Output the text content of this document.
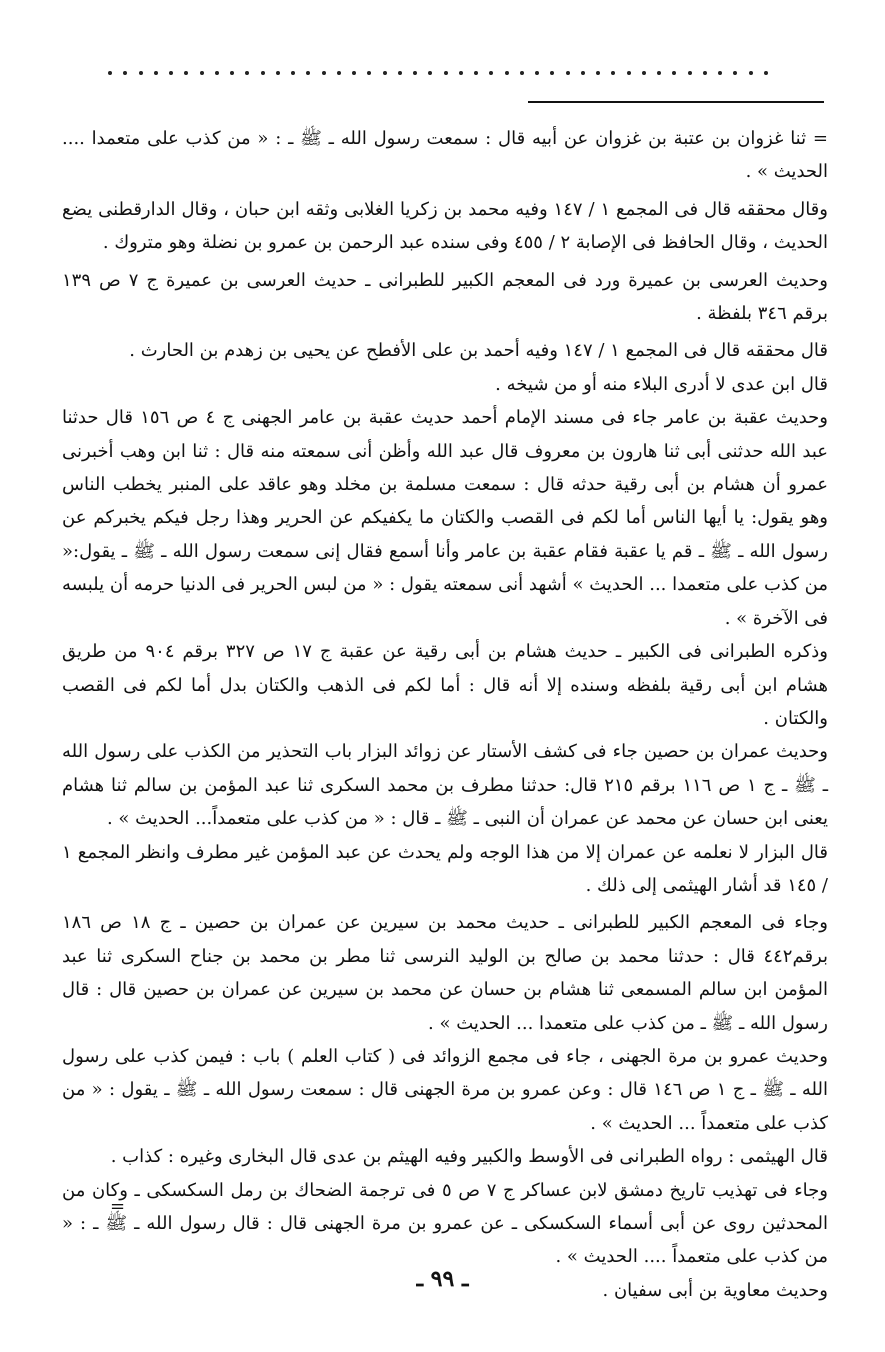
= ثنا غزوان بن عتبة بن غزوان عن أبيه قال : سمعت رسول الله ـ ﷺ ـ : « من كذب على متعمدا .... الحديث » .

وقال محققه قال فى المجمع ١ / ١٤٧ وفيه محمد بن زكريا الغلابى وثقه ابن حبان ، وقال الدارقطنى يضع الحديث ، وقال الحافظ فى الإصابة ٢ / ٤٥٥ وفى سنده عبد الرحمن بن عمرو بن نضلة وهو متروك .

وحديث العرسى بن عميرة ورد فى المعجم الكبير للطبرانى ـ حديث العرسى بن عميرة ج ٧ ص ١٣٩ برقم ٣٤٦ بلفظة .

قال محققه قال فى المجمع ١ / ١٤٧ وفيه أحمد بن على الأفطح عن يحيى بن زهدم بن الحارث .

قال ابن عدى لا أدرى البلاء منه أو من شيخه .

وحديث عقبة بن عامر جاء فى مسند الإمام أحمد حديث عقبة بن عامر الجهنى ج ٤ ص ١٥٦ قال حدثنا عبد الله حدثنى أبى ثنا هارون بن معروف قال عبد الله وأظن أنى سمعته منه قال : ثنا ابن وهب أخبرنى عمرو أن هشام بن أبى رقية حدثه قال : سمعت مسلمة بن مخلد وهو عاقد على المنبر يخطب الناس وهو يقول: يا أيها الناس أما لكم فى القصب والكتان ما يكفيكم عن الحرير وهذا رجل فيكم يخبركم عن رسول الله ـ ﷺ ـ قم يا عقبة فقام عقبة بن عامر وأنا أسمع فقال إنى سمعت رسول الله ـ ﷺ ـ يقول:« من كذب على متعمدا ... الحديث » أشهد أنى سمعته يقول : « من لبس الحرير فى الدنيا حرمه أن يلبسه فى الآخرة » .

وذكره الطبرانى فى الكبير ـ حديث هشام بن أبى رقية عن عقبة ج ١٧ ص ٣٢٧ برقم ٩٠٤ من طريق هشام ابن أبى رقية بلفظه وسنده إلا أنه قال : أما لكم فى الذهب والكتان بدل أما لكم فى القصب والكتان .

وحديث عمران بن حصين جاء فى كشف الأستار عن زوائد البزار باب التحذير من الكذب على رسول الله ـ ﷺ ـ ج ١ ص ١١٦ برقم ٢١٥ قال: حدثنا مطرف بن محمد السكرى ثنا عبد المؤمن بن سالم ثنا هشام يعنى ابن حسان عن محمد عن عمران أن النبى ـ ﷺ ـ قال : « من كذب على متعمداً... الحديث » .

قال البزار لا نعلمه عن عمران إلا من هذا الوجه ولم يحدث عن عبد المؤمن غير مطرف وانظر المجمع ١ / ١٤٥ قد أشار الهيثمى إلى ذلك .

وجاء فى المعجم الكبير للطبرانى ـ حديث محمد بن سيرين عن عمران بن حصين ـ ج ١٨ ص ١٨٦ برقم٤٤٢ قال : حدثنا محمد بن صالح بن الوليد النرسى ثنا مطر بن محمد بن جناح السكرى ثنا عبد المؤمن ابن سالم المسمعى ثنا هشام بن حسان عن محمد بن سيرين عن عمران بن حصين قال : قال رسول الله ـ ﷺ ـ من كذب على متعمدا ... الحديث » .

وحديث عمرو بن مرة الجهنى ، جاء فى مجمع الزوائد فى ( كتاب العلم ) باب : فيمن كذب على رسول الله ـ ﷺ ـ ج ١ ص ١٤٦ قال : وعن عمرو بن مرة الجهنى قال : سمعت رسول الله ـ ﷺ ـ يقول : « من كذب على متعمداً ... الحديث » .

قال الهيثمى : رواه الطبرانى فى الأوسط والكبير وفيه الهيثم بن عدى قال البخارى وغيره : كذاب .

وجاء فى تهذيب تاريخ دمشق لابن عساكر ج ٧ ص ٥ فى ترجمة الضحاك بن رمل السكسكى ـ وكان من المحدثين روى عن أبى أسماء السكسكى ـ عن عمرو بن مرة الجهنى قال : قال رسول الله ـ ﷺ ـ : « من كذب على متعمداً .... الحديث » .

وحديث معاوية بن أبى سفيان .

=
ـ ٩٩ ـ
